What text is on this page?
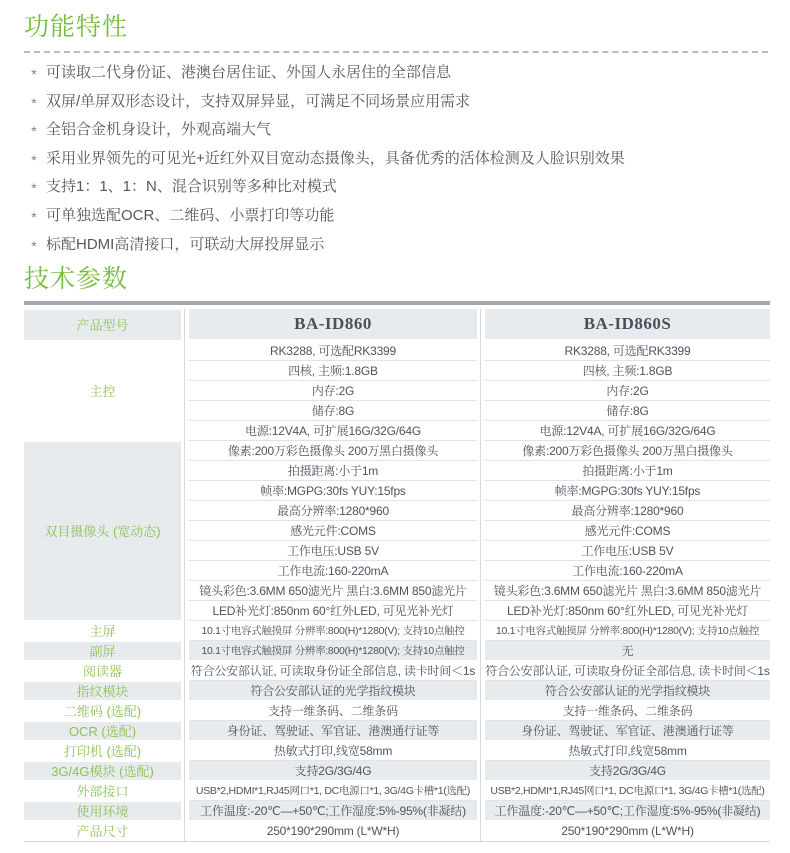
功能特性
* 可读取二代身份证、港澳台居住证、外国人永居住的全部信息
* 双屏/单屏双形态设计，支持双屏异显，可满足不同场景应用需求
* 全铝合金机身设计，外观高端大气
* 采用业界领先的可见光+近红外双目宽动态摄像头，具备优秀的活体检测及人脸识别效果
* 支持1：1、1：N、混合识别等多种比对模式
* 可单独选配OCR、二维码、小票打印等功能
* 标配HDMI高清接口，可联动大屏投屏显示
技术参数
产品型号
主控
双目摄像头 (宽动态)
主屏
副屏
阅读器
指纹模块
二维码 (选配)
OCR (选配)
打印机 (选配)
3G/4G模块 (选配)
外部接口
使用环境
产品尺寸
BA-ID860
RK3288, 可选配RK3399
四核, 主频:1.8GB
内存:2G
储存:8G
电源:12V4A, 可扩展16G/32G/64G
像素:200万彩色摄像头 200万黑白摄像头
拍摄距离:小于1m
帧率:MGPG:30fs YUY:15fps
最高分辨率:1280*960
感光元件:COMS
工作电压:USB 5V
工作电流:160-220mA
镜头彩色:3.6MM 650滤光片 黑白:3.6MM 850滤光片
LED补光灯:850nm 60°红外LED, 可见光补光灯
10.1寸电容式触摸屏 分辨率:800(H)*1280(V); 支持10点触控
10.1寸电容式触摸屏 分辨率:800(H)*1280(V); 支持10点触控
符合公安部认证, 可读取身份证全部信息, 读卡时间＜1s
符合公安部认证的光学指纹模块
支持一维条码、二维条码
身份证、驾驶证、军官证、港澳通行证等
热敏式打印,线宽58mm
支持2G/3G/4G
USB*2,HDMI*1,RJ45网口*1, DC电源口*1, 3G/4G卡槽*1(选配)
工作温度:-20℃—+50℃;工作湿度:5%-95%(非凝结)
250*190*290mm (L*W*H)
BA-ID860S
RK3288, 可选配RK3399
四核, 主频:1.8GB
内存:2G
储存:8G
电源:12V4A, 可扩展16G/32G/64G
像素:200万彩色摄像头 200万黑白摄像头
拍摄距离:小于1m
帧率:MGPG:30fs YUY:15fps
最高分辨率:1280*960
感光元件:COMS
工作电压:USB 5V
工作电流:160-220mA
镜头彩色:3.6MM 650滤光片 黑白:3.6MM 850滤光片
LED补光灯:850nm 60°红外LED, 可见光补光灯
10.1寸电容式触摸屏 分辨率:800(H)*1280(V); 支持10点触控
无
符合公安部认证, 可读取身份证全部信息, 读卡时间＜1s
符合公安部认证的光学指纹模块
支持一维条码、二维条码
身份证、驾驶证、军官证、港澳通行证等
热敏式打印,线宽58mm
支持2G/3G/4G
USB*2,HDMI*1,RJ45网口*1, DC电源口*1, 3G/4G卡槽*1(选配)
工作温度:-20℃—+50℃;工作湿度:5%-95%(非凝结)
250*190*290mm (L*W*H)
